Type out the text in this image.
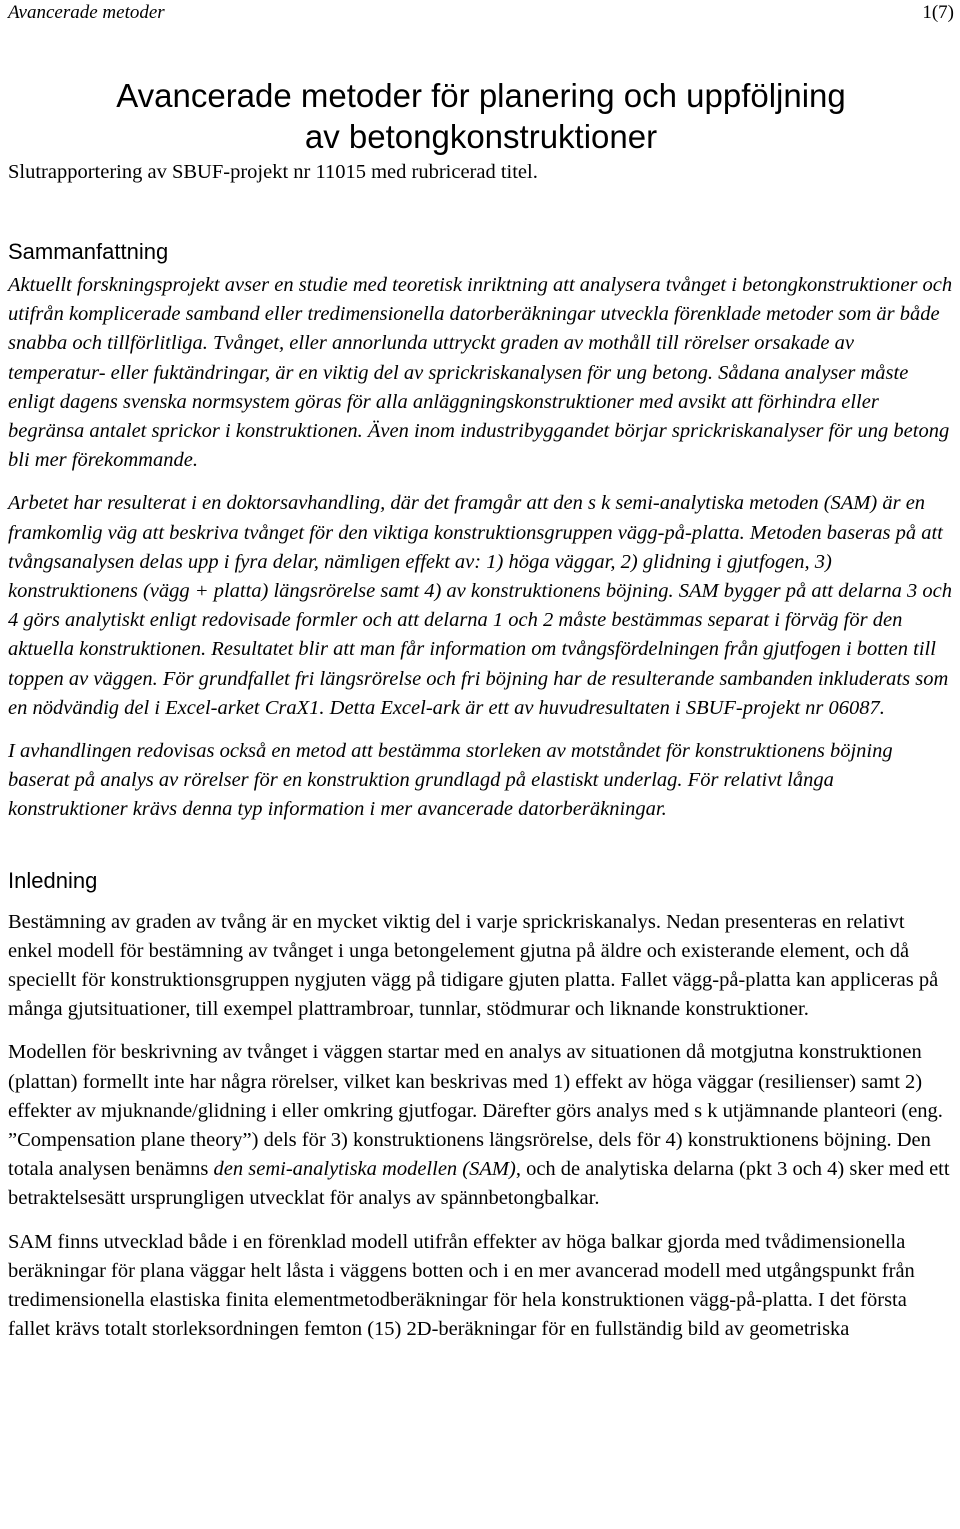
Avancerade metoder	1(7)
Avancerade metoder för planering och uppföljning
av betongkonstruktioner

Slutrapportering av SBUF-projekt nr 11015 med rubricerad titel.

Sammanfattning

Aktuellt forskningsprojekt avser en studie med teoretisk inriktning att analysera tvånget i betongkonstruktioner och utifrån komplicerade samband eller tredimensionella datorberäkningar utveckla förenklade metoder som är både snabba och tillförlitliga. Tvånget, eller annorlunda uttryckt graden av mothåll till rörelser orsakade av temperatur- eller fuktändringar, är en viktig del av sprickriskanalysen för ung betong. Sådana analyser måste enligt dagens svenska normsystem göras för alla anläggningskonstruktioner med avsikt att förhindra eller begränsa antalet sprickor i konstruktionen. Även inom industribyggandet börjar sprickriskanalyser för ung betong bli mer förekommande.

Arbetet har resulterat i en doktorsavhandling, där det framgår att den s k semi-analytiska metoden (SAM) är en framkomlig väg att beskriva tvånget för den viktiga konstruktionsgruppen vägg-på-platta. Metoden baseras på att tvångsanalysen delas upp i fyra delar, nämligen effekt av: 1) höga väggar, 2) glidning i gjutfogen, 3) konstruktionens (vägg + platta) längsrörelse samt 4) av konstruktionens böjning. SAM bygger på att delarna 3 och 4 görs analytiskt enligt redovisade formler och att delarna 1 och 2 måste bestämmas separat i förväg för den aktuella konstruktionen. Resultatet blir att man får information om tvångsfördelningen från gjutfogen i botten till toppen av väggen. För grundfallet fri längsrörelse och fri böjning har de resulterande sambanden inkluderats som en nödvändig del i Excel-arket CraX1. Detta Excel-ark är ett av huvudresultaten i SBUF-projekt nr 06087.

I avhandlingen redovisas också en metod att bestämma storleken av motståndet för konstruktionens böjning baserat på analys av rörelser för en konstruktion grundlagd på elastiskt underlag. För relativt långa konstruktioner krävs denna typ information i mer avancerade datorberäkningar.

Inledning

Bestämning av graden av tvång är en mycket viktig del i varje sprickriskanalys. Nedan presenteras en relativt enkel modell för bestämning av tvånget i unga betongelement gjutna på äldre och existerande element, och då speciellt för konstruktionsgruppen nygjuten vägg på tidigare gjuten platta. Fallet vägg-på-platta kan appliceras på många gjutsituationer, till exempel plattrambroar, tunnlar, stödmurar och liknande konstruktioner.

Modellen för beskrivning av tvånget i väggen startar med en analys av situationen då motgjutna konstruktionen (plattan) formellt inte har några rörelser, vilket kan beskrivas med 1) effekt av höga väggar (resilienser) samt 2) effekter av mjuknande/glidning i eller omkring gjutfogar. Därefter görs analys med s k utjämnande planteori (eng. ”Compensation plane theory”) dels för 3) konstruktionens längsrörelse, dels för 4) konstruktionens böjning. Den totala analysen benämns den semi-analytiska modellen (SAM), och de analytiska delarna (pkt 3 och 4) sker med ett betraktelsesätt ursprungligen utvecklat för analys av spännbetongbalkar.

SAM finns utvecklad både i en förenklad modell utifrån effekter av höga balkar gjorda med tvådimensionella beräkningar för plana väggar helt låsta i väggens botten och i en mer avancerad modell med utgångspunkt från tredimensionella elastiska finita elementmetodberäkningar för hela konstruktionen vägg-på-platta. I det första fallet krävs totalt storleksordningen femton (15) 2D-beräkningar för en fullständig bild av geometriska
